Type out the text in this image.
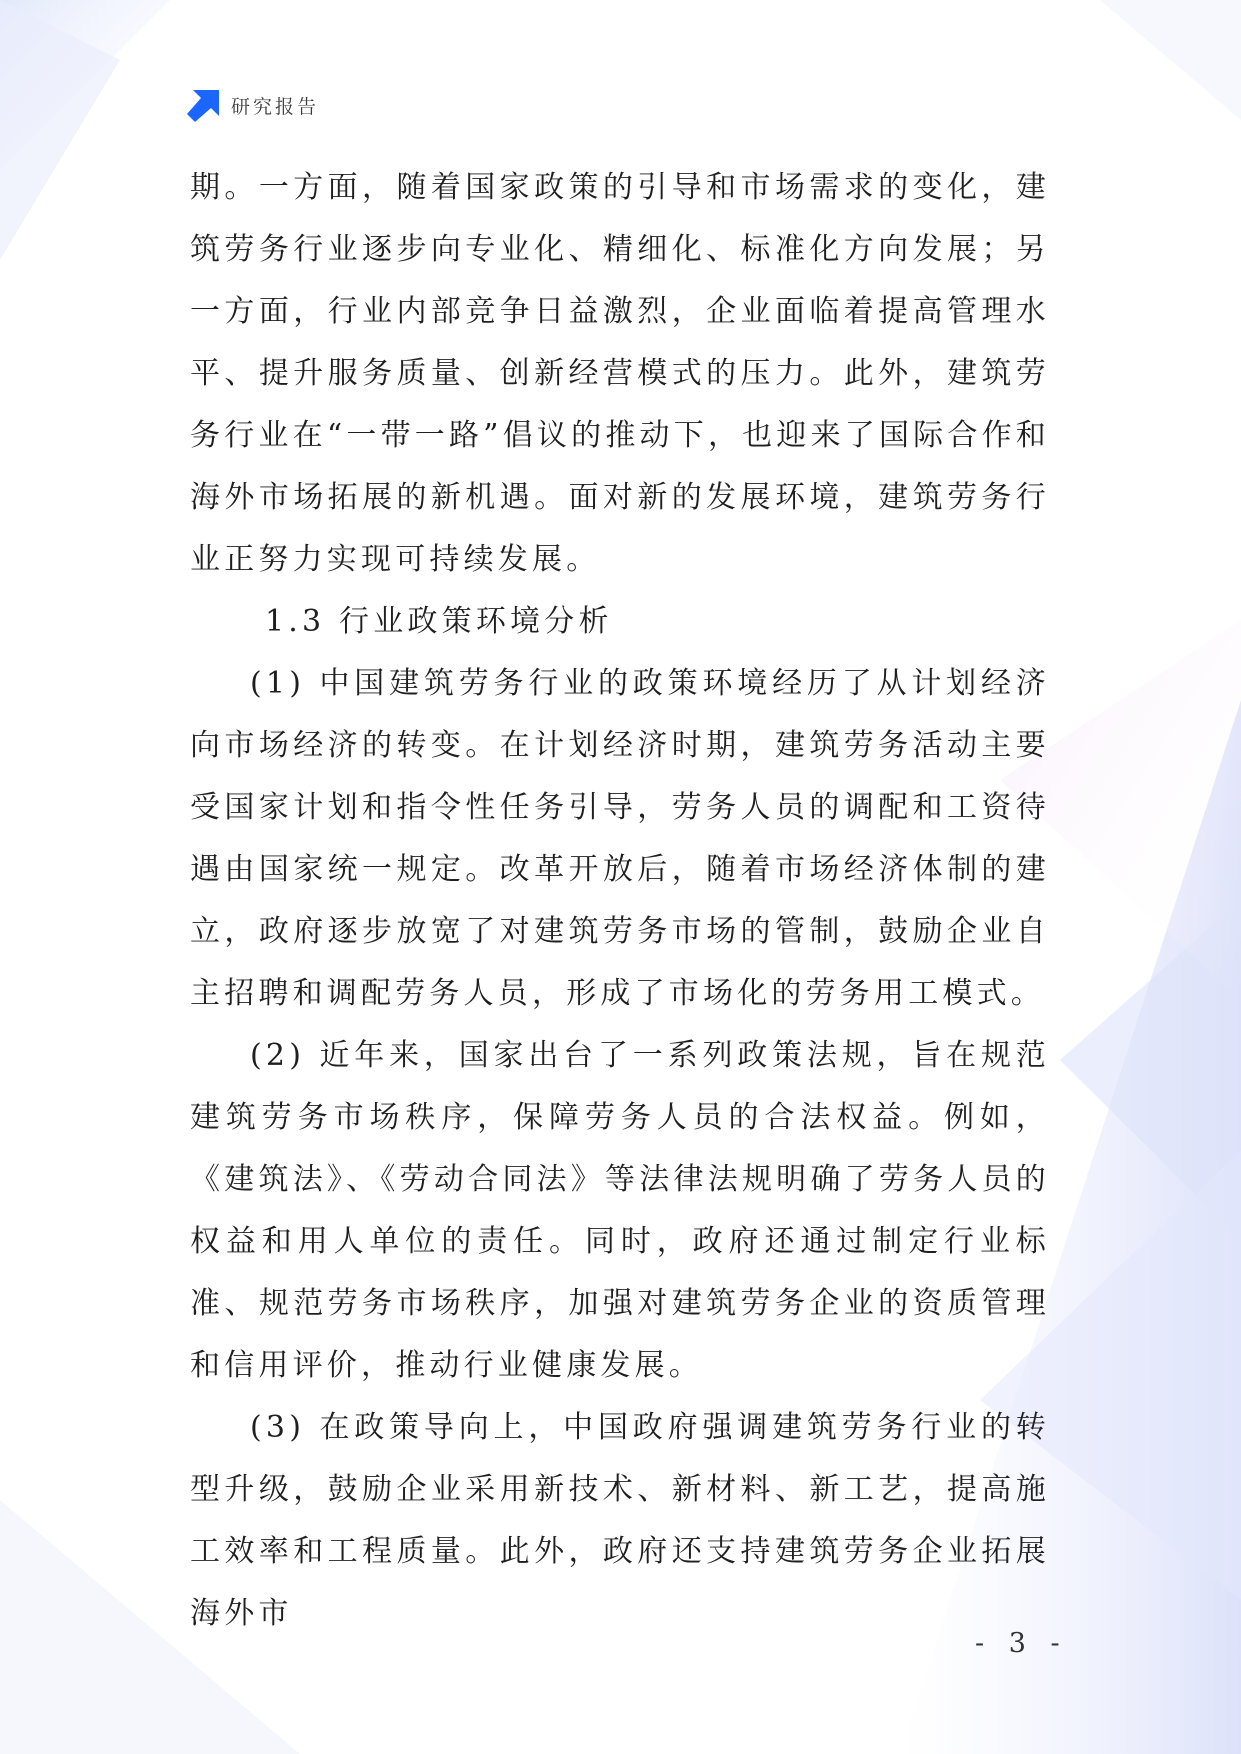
研究报告

期。一方面，随着国家政策的引导和市场需求的变化，建筑劳务行业逐步向专业化、精细化、标准化方向发展；另一方面，行业内部竞争日益激烈，企业面临着提高管理水平、提升服务质量、创新经营模式的压力。此外，建筑劳务行业在“一带一路”倡议的推动下，也迎来了国际合作和海外市场拓展的新机遇。面对新的发展环境，建筑劳务行业正努力实现可持续发展。

1.3 行业政策环境分析

(1) 中国建筑劳务行业的政策环境经历了从计划经济向市场经济的转变。在计划经济时期，建筑劳务活动主要受国家计划和指令性任务引导，劳务人员的调配和工资待遇由国家统一规定。改革开放后，随着市场经济体制的建立，政府逐步放宽了对建筑劳务市场的管制，鼓励企业自主招聘和调配劳务人员，形成了市场化的劳务用工模式。

(2) 近年来，国家出台了一系列政策法规，旨在规范建筑劳务市场秩序，保障劳务人员的合法权益。例如，《建筑法》、《劳动合同法》等法律法规明确了劳务人员的权益和用人单位的责任。同时，政府还通过制定行业标准、规范劳务市场秩序，加强对建筑劳务企业的资质管理和信用评价，推动行业健康发展。

(3) 在政策导向上，中国政府强调建筑劳务行业的转型升级，鼓励企业采用新技术、新材料、新工艺，提高施工效率和工程质量。此外，政府还支持建筑劳务企业拓展海外市

- 3 -
